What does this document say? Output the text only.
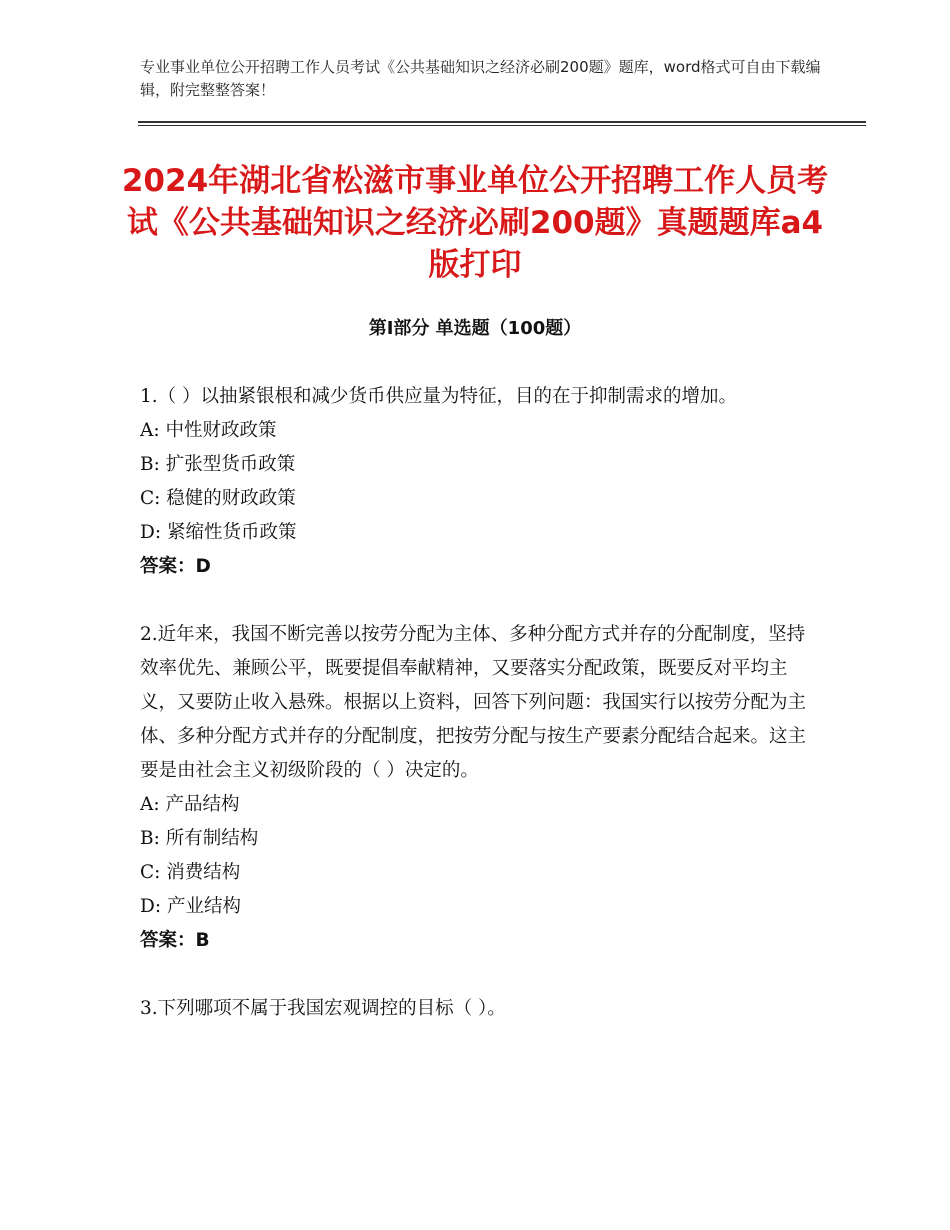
专业事业单位公开招聘工作人员考试《公共基础知识之经济必刷200题》题库，word格式可自由下载编辑，附完整整答案！
2024年湖北省松滋市事业单位公开招聘工作人员考试《公共基础知识之经济必刷200题》真题题库a4版打印
第Ⅰ部分 单选题（100题）

1.（ ）以抽紧银根和减少货币供应量为特征，目的在于抑制需求的增加。

A: 中性财政政策

B: 扩张型货币政策

C: 稳健的财政政策

D: 紧缩性货币政策

答案：D

2.近年来，我国不断完善以按劳分配为主体、多种分配方式并存的分配制度，坚持效率优先、兼顾公平，既要提倡奉献精神，又要落实分配政策，既要反对平均主义，又要防止收入悬殊。根据以上资料，回答下列问题：我国实行以按劳分配为主体、多种分配方式并存的分配制度，把按劳分配与按生产要素分配结合起来。这主要是由社会主义初级阶段的（ ）决定的。

A: 产品结构

B: 所有制结构

C: 消费结构

D: 产业结构

答案：B

3.下列哪项不属于我国宏观调控的目标（ ）。
